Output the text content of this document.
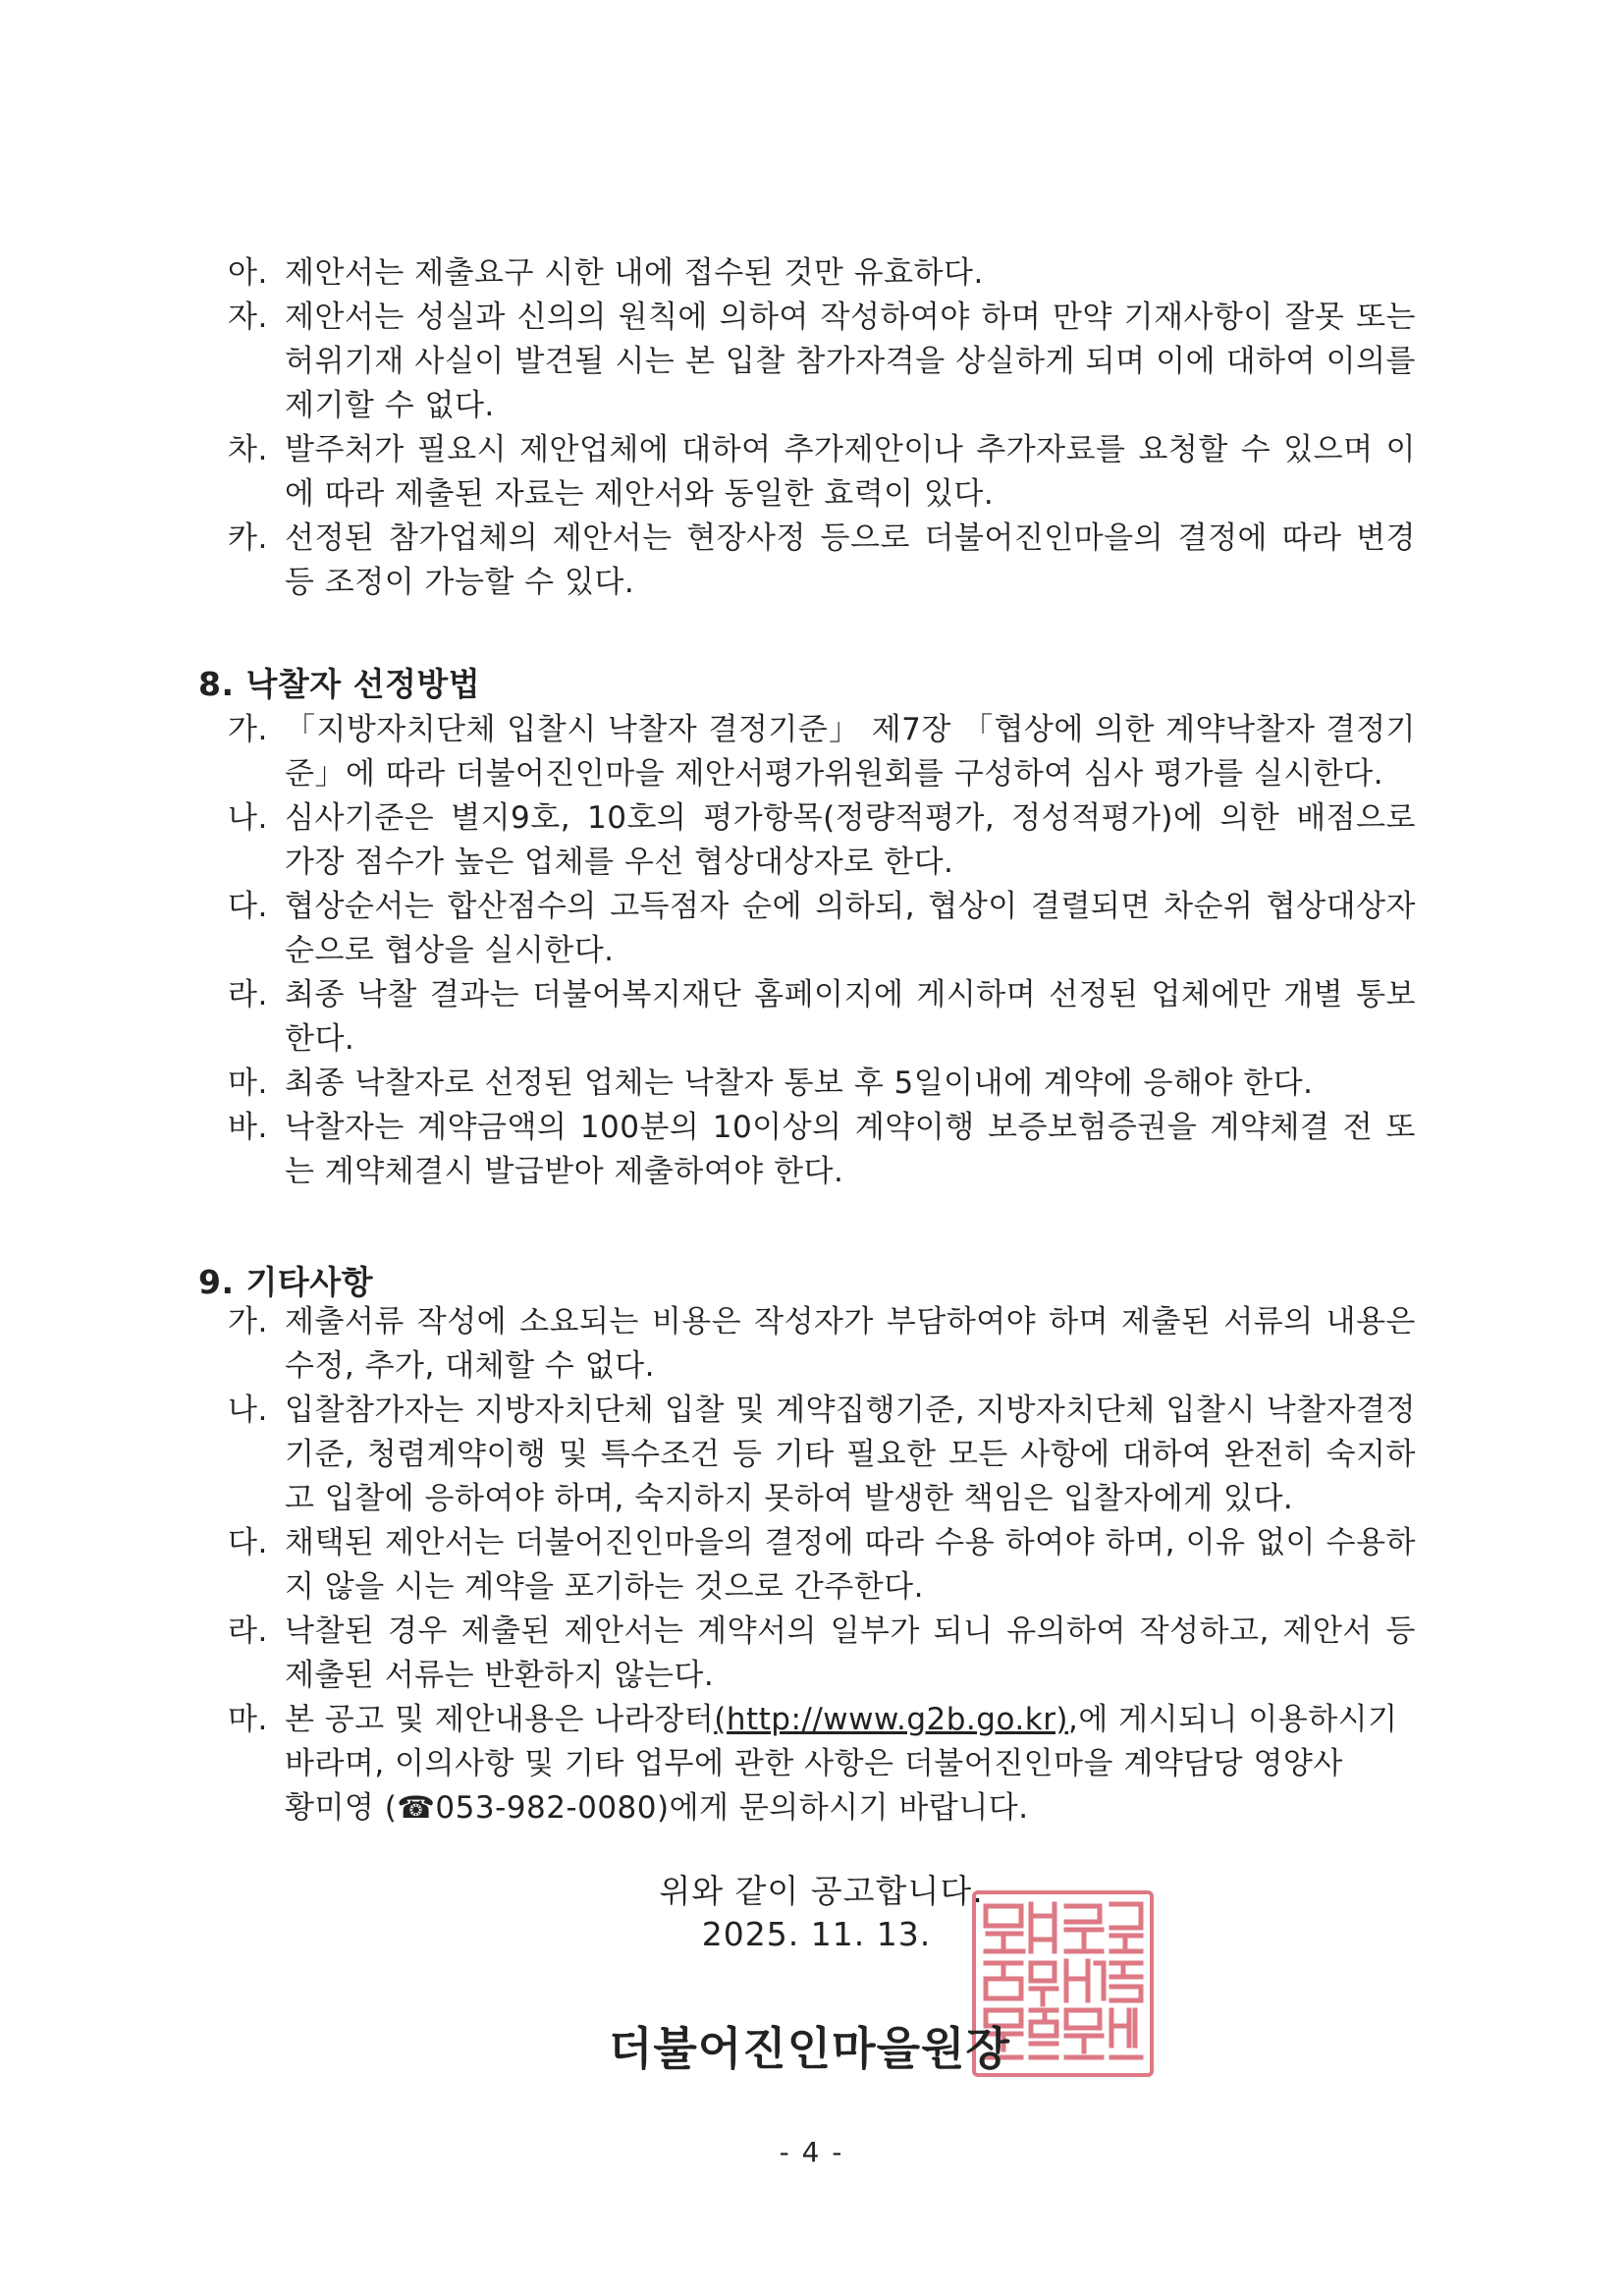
아. 제안서는 제출요구 시한 내에 접수된 것만 유효하다.
자. 제안서는 성실과 신의의 원칙에 의하여 작성하여야 하며 만약 기재사항이 잘못 또는 허위기재 사실이 발견될 시는 본 입찰 참가자격을 상실하게 되며 이에 대하여 이의를 제기할 수 없다.
차. 발주처가 필요시 제안업체에 대하여 추가제안이나 추가자료를 요청할 수 있으며 이에 따라 제출된 자료는 제안서와 동일한 효력이 있다.
카. 선정된 참가업체의 제안서는 현장사정 등으로 더불어진인마을의 결정에 따라 변경 등 조정이 가능할 수 있다.
8. 낙찰자 선정방법
가. 「지방자치단체 입찰시 낙찰자 결정기준」 제7장 「협상에 의한 계약낙찰자 결정기준」에 따라 더불어진인마을 제안서평가위원회를 구성하여 심사 평가를 실시한다.
나. 심사기준은 별지9호, 10호의 평가항목(정량적평가, 정성적평가)에 의한 배점으로 가장 점수가 높은 업체를 우선 협상대상자로 한다.
다. 협상순서는 합산점수의 고득점자 순에 의하되, 협상이 결렬되면 차순위 협상대상자 순으로 협상을 실시한다.
라. 최종 낙찰 결과는 더불어복지재단 홈페이지에 게시하며 선정된 업체에만 개별 통보한다.
마. 최종 낙찰자로 선정된 업체는 낙찰자 통보 후 5일이내에 계약에 응해야 한다.
바. 낙찰자는 계약금액의 100분의 10이상의 계약이행 보증보험증권을 계약체결 전 또는 계약체결시 발급받아 제출하여야 한다.
9. 기타사항
가. 제출서류 작성에 소요되는 비용은 작성자가 부담하여야 하며 제출된 서류의 내용은 수정, 추가, 대체할 수 없다.
나. 입찰참가자는 지방자치단체 입찰 및 계약집행기준, 지방자치단체 입찰시 낙찰자결정 기준, 청렴계약이행 및 특수조건 등 기타 필요한 모든 사항에 대하여 완전히 숙지하고 입찰에 응하여야 하며, 숙지하지 못하여 발생한 책임은 입찰자에게 있다.
다. 채택된 제안서는 더불어진인마을의 결정에 따라 수용 하여야 하며, 이유 없이 수용하지 않을 시는 계약을 포기하는 것으로 간주한다.
라. 낙찰된 경우 제출된 제안서는 계약서의 일부가 되니 유의하여 작성하고, 제안서 등 제출된 서류는 반환하지 않는다.
마. 본 공고 및 제안내용은 나라장터(http://www.g2b.go.kr),에 게시되니 이용하시기
바라며, 이의사항 및 기타 업무에 관한 사항은 더불어진인마을 계약담당 영양사
황미영 (☎053-982-0080)에게 문의하시기 바랍니다.
위와 같이 공고합니다.
2025. 11. 13.
더불어진인마을원장
- 4 -
